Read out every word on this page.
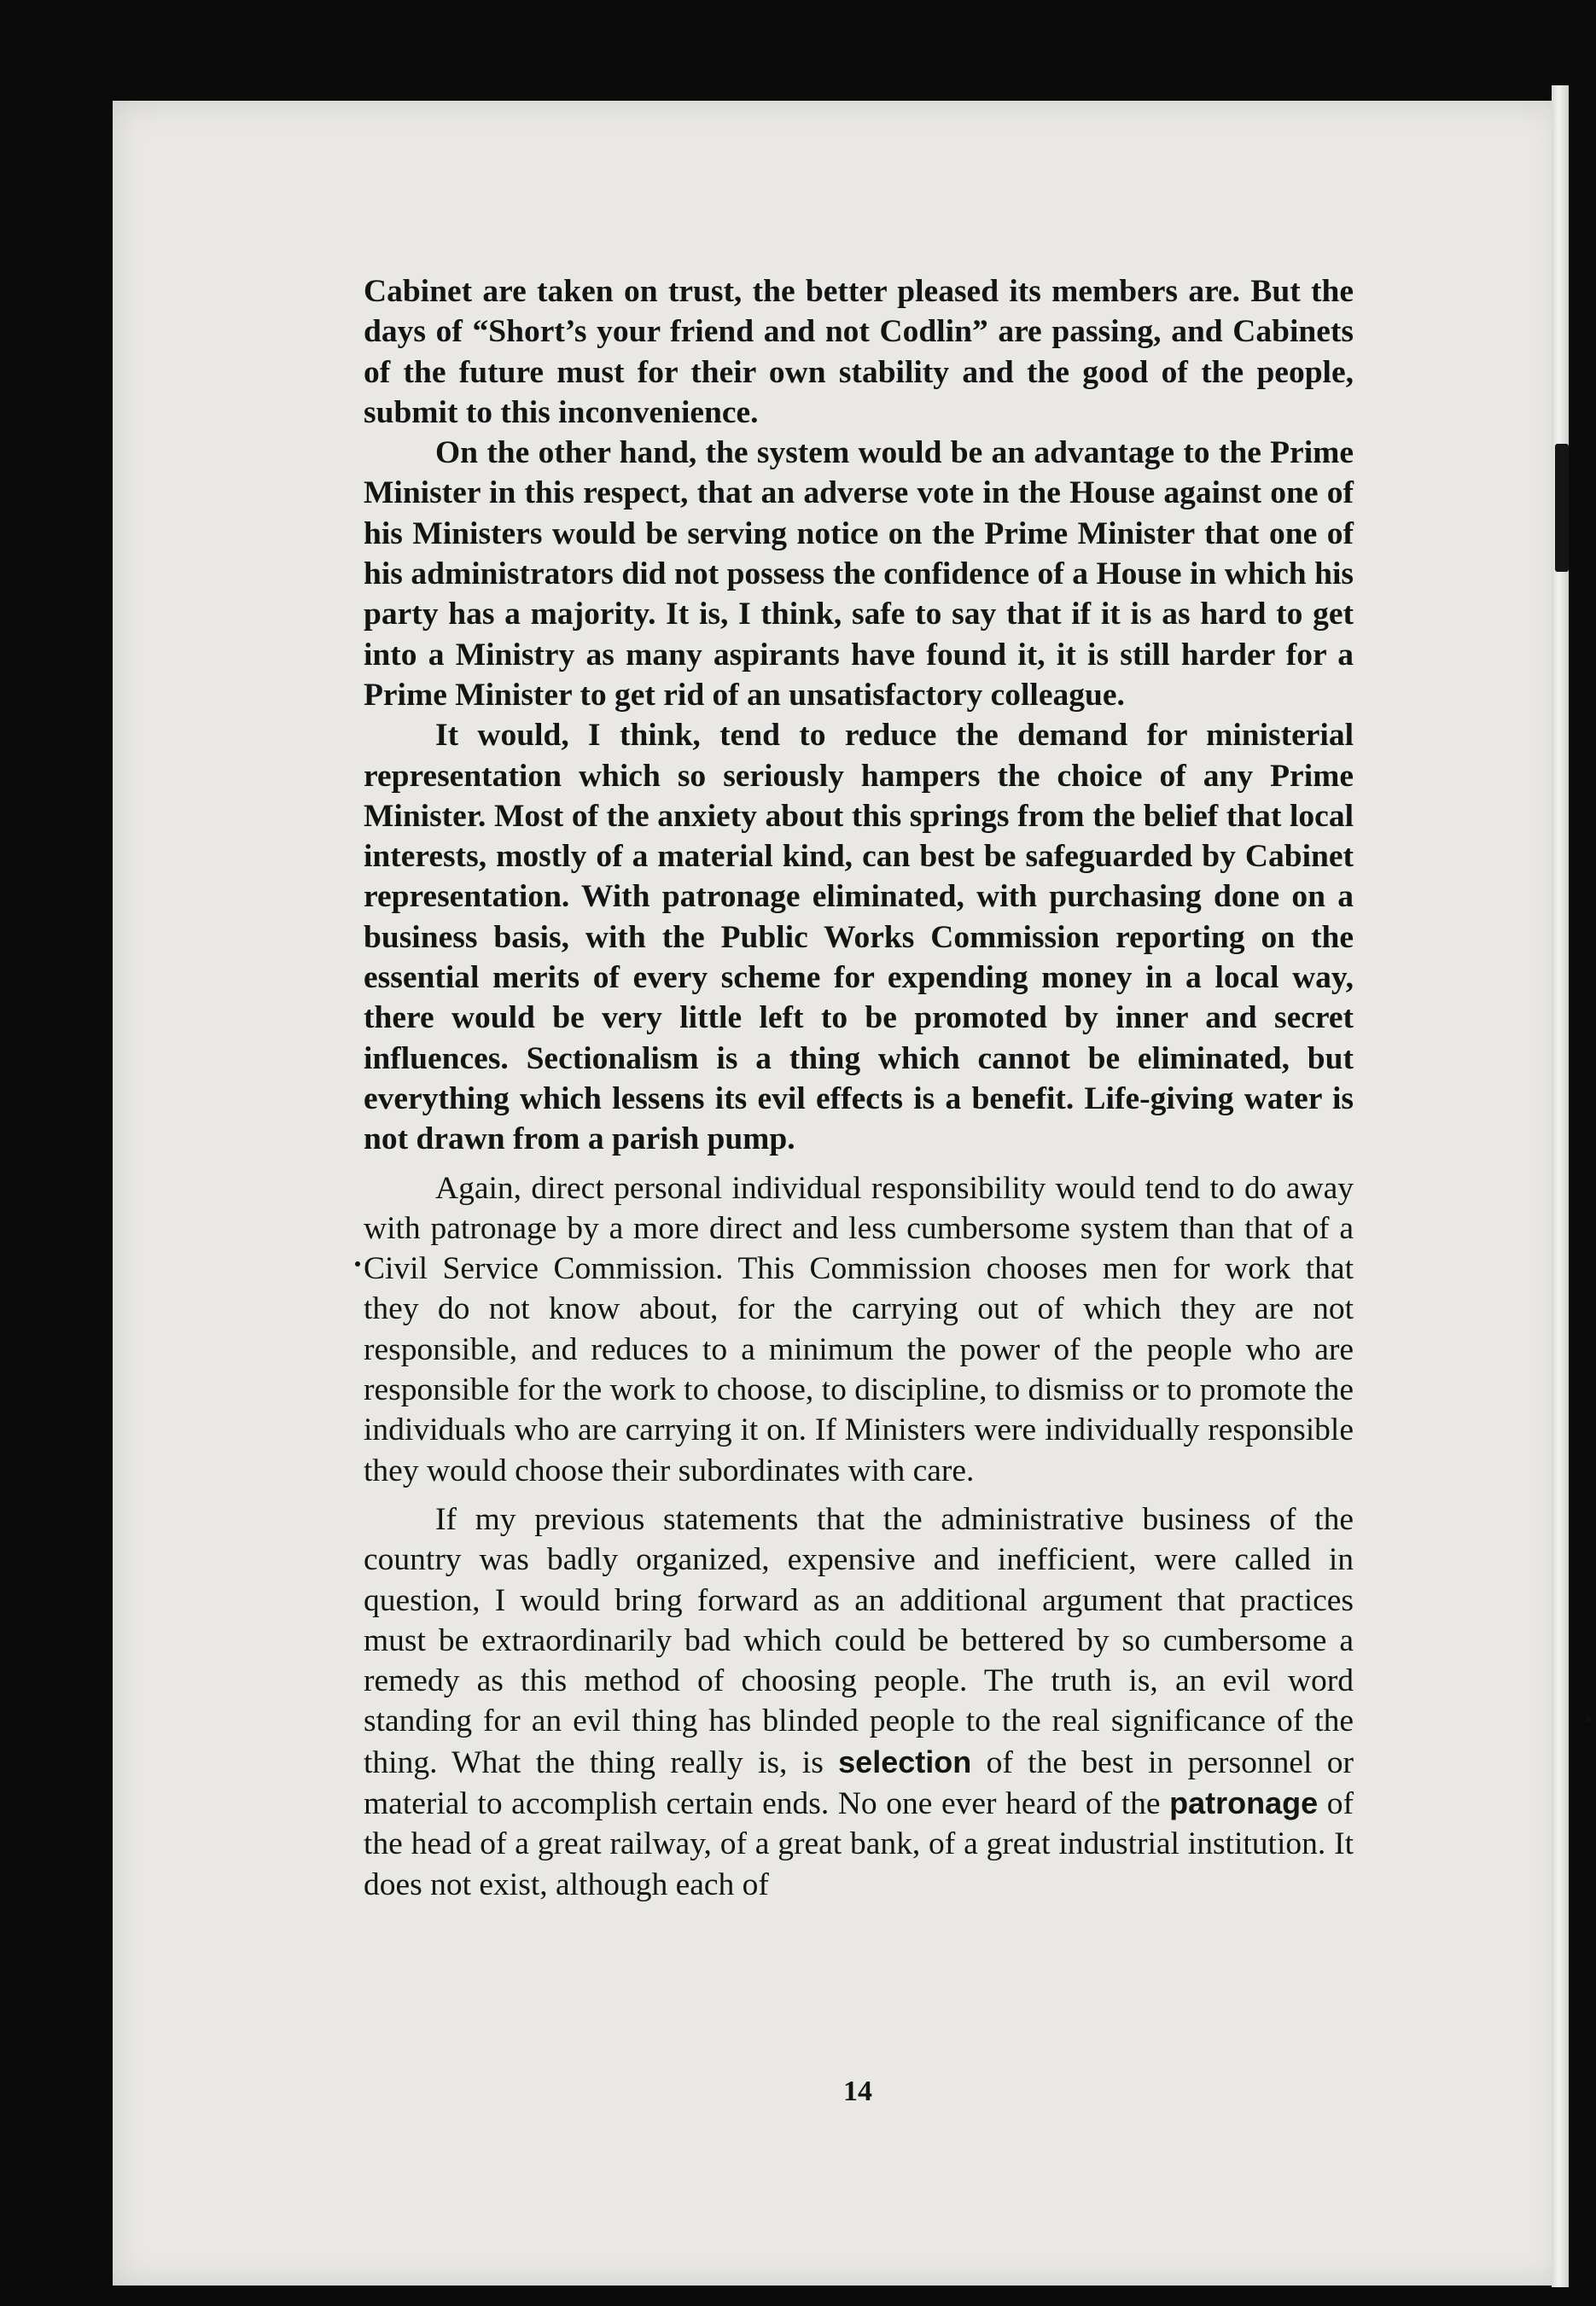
Cabinet are taken on trust, the better pleased its members are. But the days of “Short’s your friend and not Codlin” are passing, and Cabinets of the future must for their own stability and the good of the people, submit to this inconvenience.

On the other hand, the system would be an advantage to the Prime Minister in this respect, that an adverse vote in the House against one of his Ministers would be serving notice on the Prime Minister that one of his administrators did not possess the confidence of a House in which his party has a majority. It is, I think, safe to say that if it is as hard to get into a Ministry as many aspirants have found it, it is still harder for a Prime Minister to get rid of an unsatisfactory colleague.

It would, I think, tend to reduce the demand for ministerial representation which so seriously hampers the choice of any Prime Minister. Most of the anxiety about this springs from the belief that local interests, mostly of a material kind, can best be safeguarded by Cabinet representation. With patronage eliminated, with purchasing done on a business basis, with the Public Works Commission reporting on the essential merits of every scheme for expending money in a local way, there would be very little left to be promoted by inner and secret influences. Sectionalism is a thing which cannot be eliminated, but everything which lessens its evil effects is a benefit. Life-giving water is not drawn from a parish pump.

Again, direct personal individual responsibility would tend to do away with patronage by a more direct and less cumbersome system than that of a Civil Service Commission. This Commission chooses men for work that they do not know about, for the carrying out of which they are not responsible, and reduces to a minimum the power of the people who are responsible for the work to choose, to discipline, to dismiss or to promote the individuals who are carrying it on. If Ministers were individually responsible they would choose their subordinates with care.

If my previous statements that the administrative business of the country was badly organized, expensive and inefficient, were called in question, I would bring forward as an additional argument that practices must be extraordinarily bad which could be bettered by so cumbersome a remedy as this method of choosing people. The truth is, an evil word standing for an evil thing has blinded people to the real significance of the thing. What the thing really is, is selection of the best in personnel or material to accomplish certain ends. No one ever heard of the patronage of the head of a great railway, of a great bank, of a great industrial institution. It does not exist, although each of

14
